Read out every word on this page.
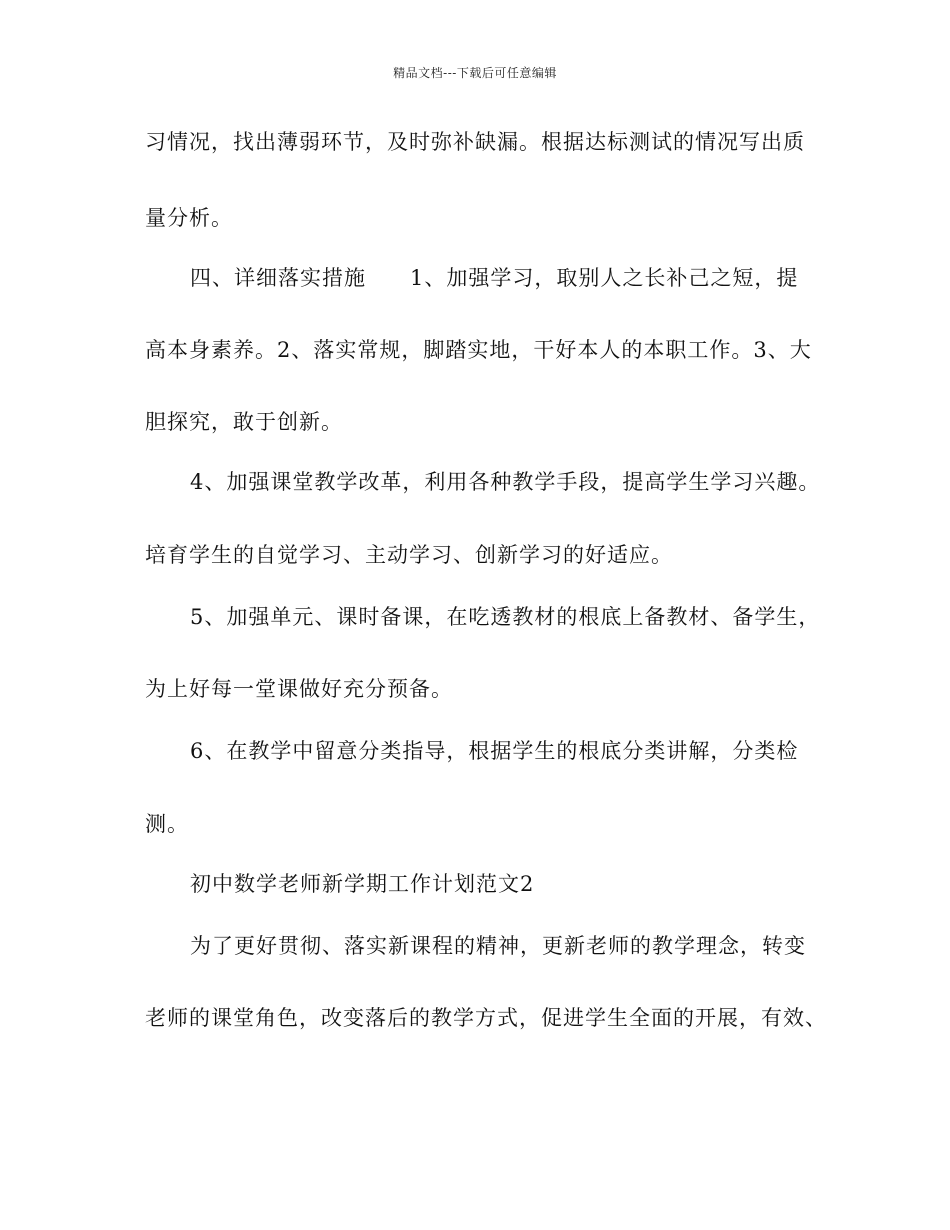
精品文档---下载后可任意编辑
习情况，找出薄弱环节，及时弥补缺漏。根据达标测试的情况写出质
量分析。
四、详细落实措施　　1、加强学习，取别人之长补己之短，提
高本身素养。2、落实常规，脚踏实地，干好本人的本职工作。3、大
胆探究，敢于创新。
4、加强课堂教学改革，利用各种教学手段，提高学生学习兴趣。
培育学生的自觉学习、主动学习、创新学习的好适应。
5、加强单元、课时备课，在吃透教材的根底上备教材、备学生，
为上好每一堂课做好充分预备。
6、在教学中留意分类指导，根据学生的根底分类讲解，分类检
测。
初中数学老师新学期工作计划范文2
为了更好贯彻、落实新课程的精神，更新老师的教学理念，转变
老师的课堂角色，改变落后的教学方式，促进学生全面的开展，有效、
